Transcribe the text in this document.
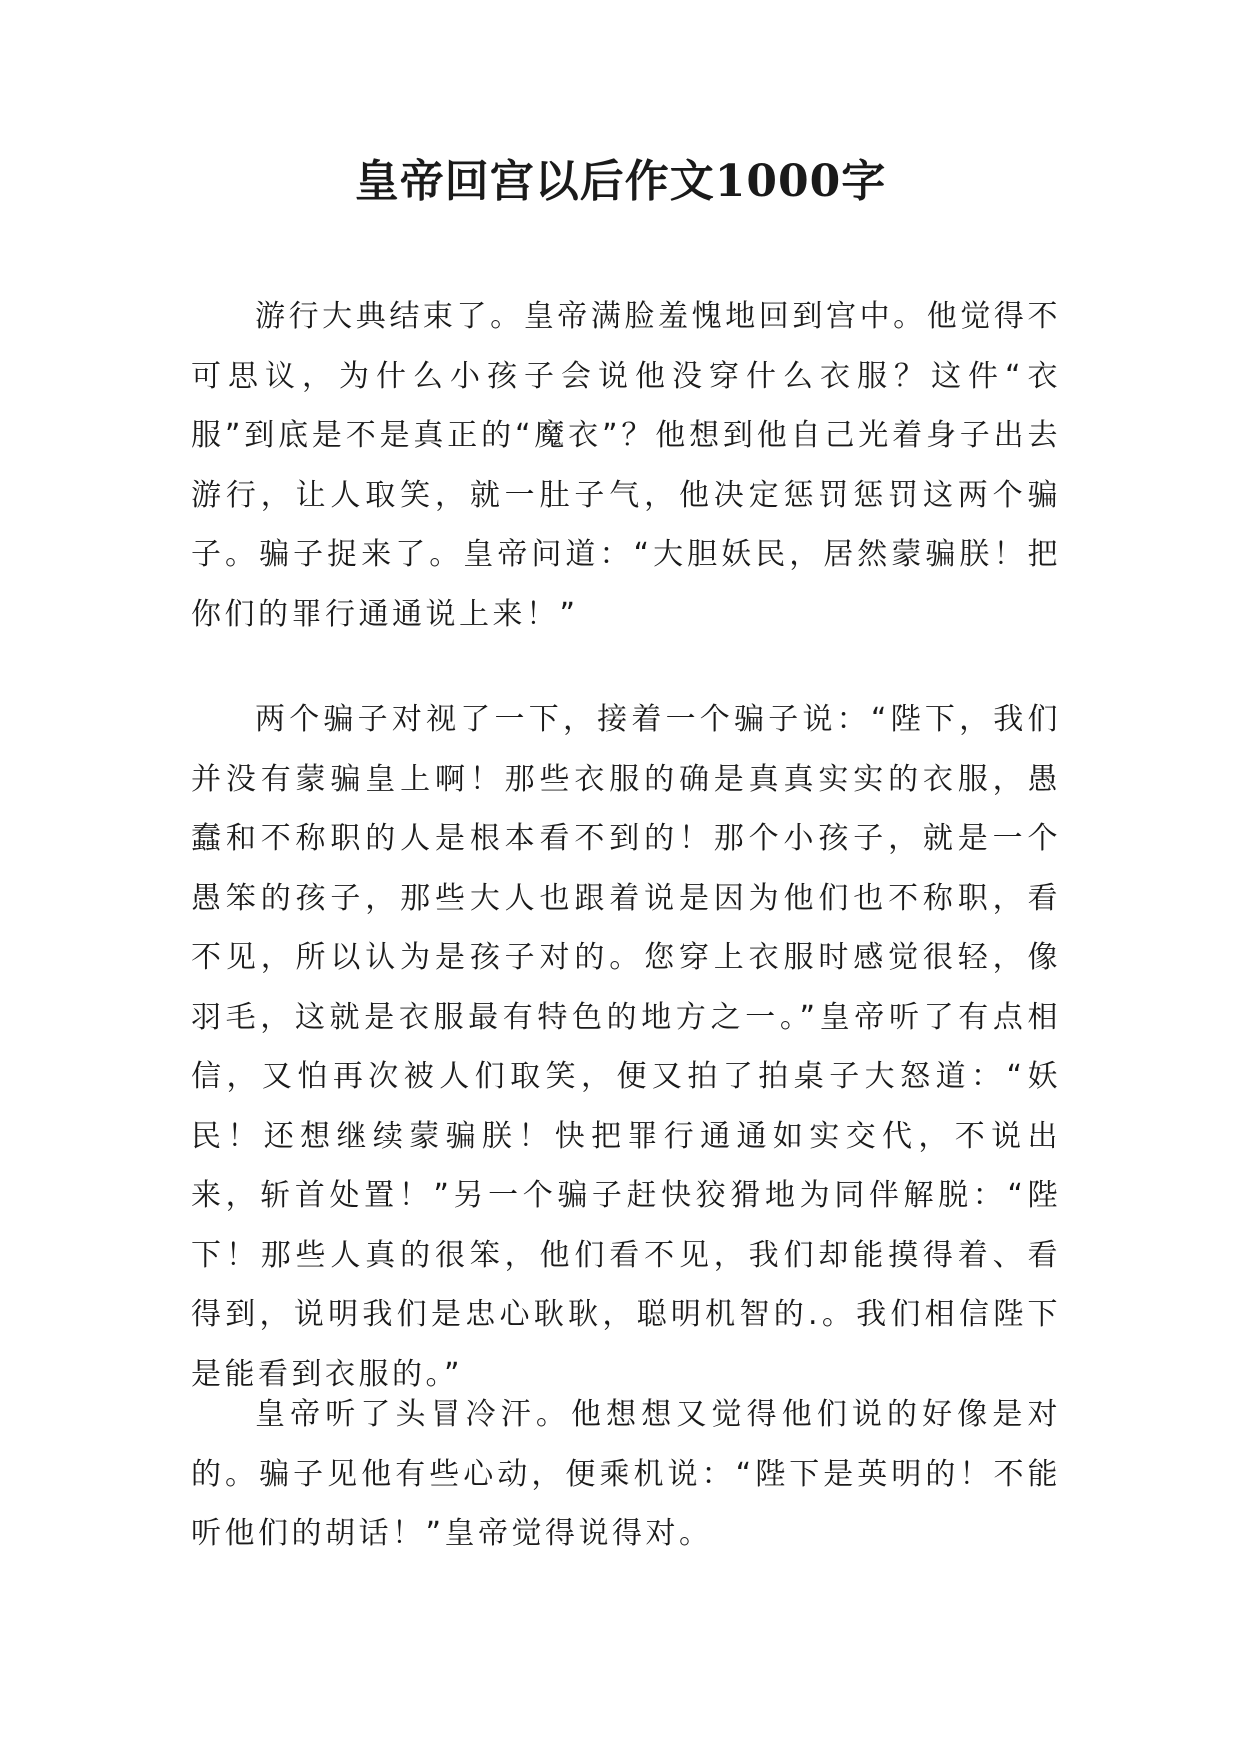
皇帝回宫以后作文1000字

游行大典结束了。皇帝满脸羞愧地回到宫中。他觉得不可思议，为什么小孩子会说他没穿什么衣服？这件“衣服”到底是不是真正的“魔衣”？他想到他自己光着身子出去游行，让人取笑，就一肚子气，他决定惩罚惩罚这两个骗子。骗子捉来了。皇帝问道：“大胆妖民，居然蒙骗朕！把你们的罪行通通说上来！”

两个骗子对视了一下，接着一个骗子说：“陛下，我们并没有蒙骗皇上啊！那些衣服的确是真真实实的衣服，愚蠢和不称职的人是根本看不到的！那个小孩子，就是一个愚笨的孩子，那些大人也跟着说是因为他们也不称职，看不见，所以认为是孩子对的。您穿上衣服时感觉很轻，像羽毛，这就是衣服最有特色的地方之一。”皇帝听了有点相信，又怕再次被人们取笑，便又拍了拍桌子大怒道：“妖民！还想继续蒙骗朕！快把罪行通通如实交代，不说出来，斩首处置！”另一个骗子赶快狡猾地为同伴解脱：“陛下！那些人真的很笨，他们看不见，我们却能摸得着、看得到，说明我们是忠心耿耿，聪明机智的.。我们相信陛下是能看到衣服的。”

皇帝听了头冒冷汗。他想想又觉得他们说的好像是对的。骗子见他有些心动，便乘机说：“陛下是英明的！不能听他们的胡话！”皇帝觉得说得对。
